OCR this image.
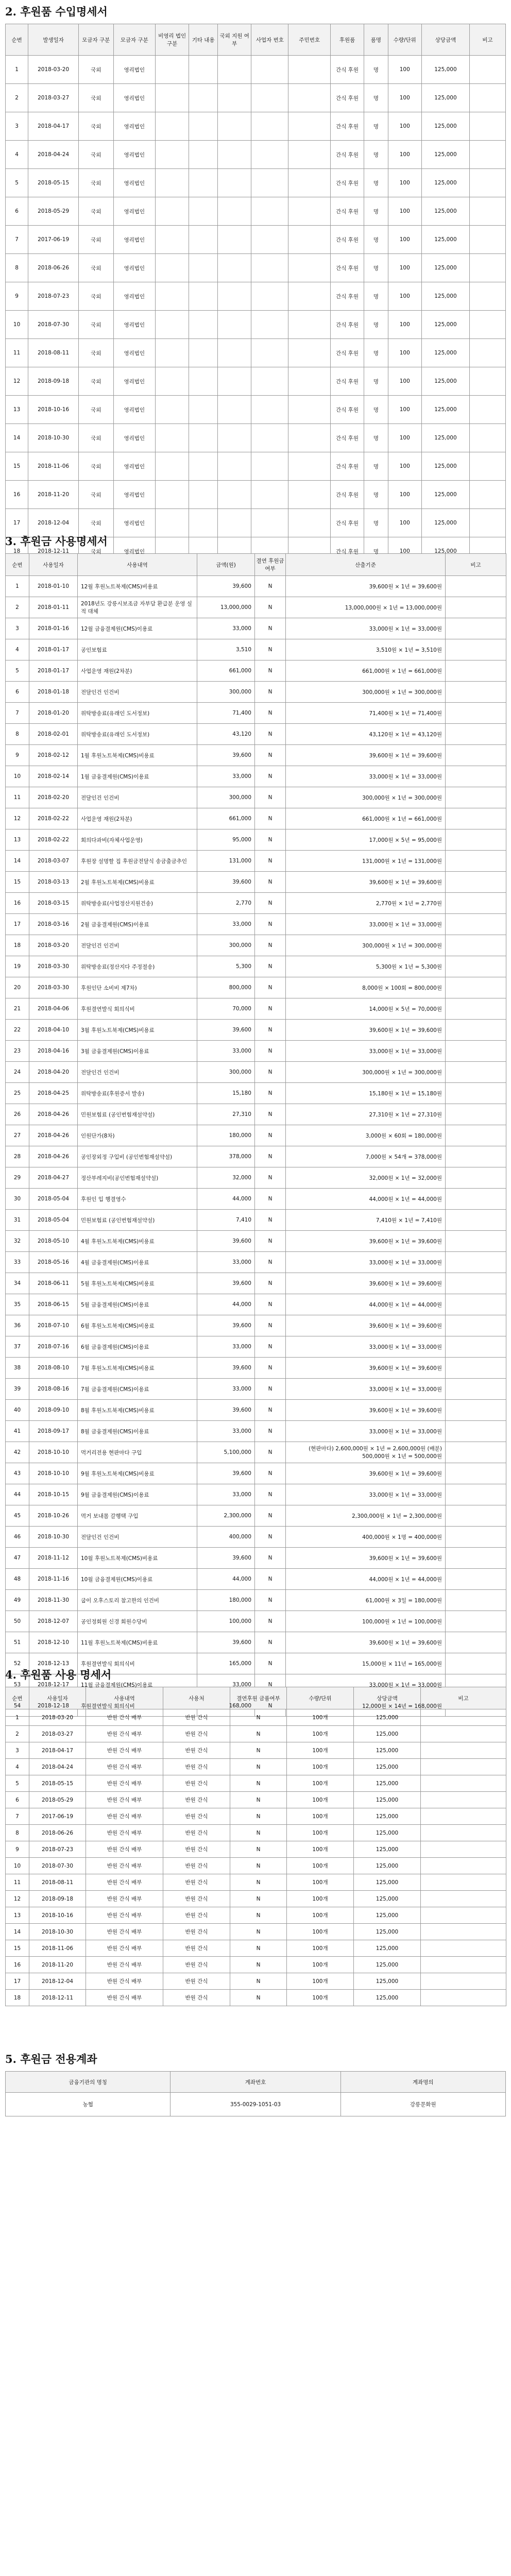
2. 후원품 수입명세서
순번	발생일자	모금자 구분	모금자 구분	비영리 법인 구분	기타 내용	국외 지원 여부	사업자 번호	주민번호	후원품	품명	수량/단위	상당금액	비고
1	2018-03-20	국외	영리법인						간식 후원	명	100	125,000	
2	2018-03-27	국외	영리법인						간식 후원	명	100	125,000	
3	2018-04-17	국외	영리법인						간식 후원	명	100	125,000	
4	2018-04-24	국외	영리법인						간식 후원	명	100	125,000	
5	2018-05-15	국외	영리법인						간식 후원	명	100	125,000	
6	2018-05-29	국외	영리법인						간식 후원	명	100	125,000	
7	2017-06-19	국외	영리법인						간식 후원	명	100	125,000	
8	2018-06-26	국외	영리법인						간식 후원	명	100	125,000	
9	2018-07-23	국외	영리법인						간식 후원	명	100	125,000	
10	2018-07-30	국외	영리법인						간식 후원	명	100	125,000	
11	2018-08-11	국외	영리법인						간식 후원	명	100	125,000	
12	2018-09-18	국외	영리법인						간식 후원	명	100	125,000	
13	2018-10-16	국외	영리법인						간식 후원	명	100	125,000	
14	2018-10-30	국외	영리법인						간식 후원	명	100	125,000	
15	2018-11-06	국외	영리법인						간식 후원	명	100	125,000	
16	2018-11-20	국외	영리법인						간식 후원	명	100	125,000	
17	2018-12-04	국외	영리법인						간식 후원	명	100	125,000	
18	2018-12-11	국외	영리법인						간식 후원	명	100	125,000	
3. 후원금 사용명세서
순번	사용일자	사용내역	금액(원)	결연 후원금 여부	산출기준	비고
1	2018-01-10	12월 후원노트북제(CMS)비용료	39,600	N	39,600원 × 1년 = 39,600원	
2	2018-01-11	2018년도 강릉시보조금 자부담 환급분 운영 실적 대체	13,000,000	N	13,000,000원 × 1년 = 13,000,000원	
3	2018-01-16	12월 금융결제원(CMS)이용료	33,000	N	33,000원 × 1년 = 33,000원	
4	2018-01-17	공인보험료	3,510	N	3,510원 × 1년 = 3,510원	
5	2018-01-17	사업운영 재원(2차분)	661,000	N	661,000원 × 1년 = 661,000원	
6	2018-01-18	전달인건 인건비	300,000	N	300,000원 × 1년 = 300,000원	
7	2018-01-20	위탁방송료(유래인 도서정보)	71,400	N	71,400원 × 1년 = 71,400원	
8	2018-02-01	위탁방송료(유래인 도서정보)	43,120	N	43,120원 × 1년 = 43,120원	
9	2018-02-12	1월 후원노트북제(CMS)비용료	39,600	N	39,600원 × 1년 = 39,600원	
10	2018-02-14	1월 금융결제원(CMS)이용료	33,000	N	33,000원 × 1년 = 33,000원	
11	2018-02-20	전달인건 인건비	300,000	N	300,000원 × 1년 = 300,000원	
12	2018-02-22	사업운영 재원(2차분)	661,000	N	661,000원 × 1년 = 661,000원	
13	2018-02-22	회의다과비(자체사업운영)	95,000	N	17,000원 × 5년 = 95,000원	
14	2018-03-07	후원장 설명할 집 후원금전달식 송금출금추인	131,000	N	131,000원 × 1년 = 131,000원	
15	2018-03-13	2월 후원노트북제(CMS)비용료	39,600	N	39,600원 × 1년 = 39,600원	
16	2018-03-15	위탁방송료(사업정산지원건송)	2,770	N	2,770원 × 1년 = 2,770원	
17	2018-03-16	2월 금융결제원(CMS)이용료	33,000	N	33,000원 × 1년 = 33,000원	
18	2018-03-20	전달인건 인건비	300,000	N	300,000원 × 1년 = 300,000원	
19	2018-03-30	위탁방송료(정산지다 주정절송)	5,300	N	5,300원 × 1년 = 5,300원	
20	2018-03-30	후원인단 소비비 제7차)	800,000	N	8,000원 × 100회 = 800,000원	
21	2018-04-06	후원결연발식 회의식비	70,000	N	14,000원 × 5년 = 70,000원	
22	2018-04-10	3월 후원노트북제(CMS)비용료	39,600	N	39,600원 × 1년 = 39,600원	
23	2018-04-16	3월 금융결제원(CMS)이용료	33,000	N	33,000원 × 1년 = 33,000원	
24	2018-04-20	전달인건 인건비	300,000	N	300,000원 × 1년 = 300,000원	
25	2018-04-25	위탁방송료(후원증서 발송)	15,180	N	15,180원 × 1년 = 15,180원	
26	2018-04-26	민원보험료 (공인번험재설약설)	27,310	N	27,310원 × 1년 = 27,310원	
27	2018-04-26	인원단가(8차)	180,000	N	3,000원 × 60회 = 180,000원	
28	2018-04-26	공인장외정 구입비 (공인번험재설약설)	378,000	N	7,000원 × 54개 = 378,000원	
29	2018-04-27	정산부레지비(공인번험재설약설)	32,000	N	32,000원 × 1년 = 32,000원	
30	2018-05-04	후원인 입 행결영수	44,000	N	44,000원 × 1년 = 44,000원	
31	2018-05-04	민원보험료 (공인번험재설약설)	7,410	N	7,410원 × 1년 = 7,410원	
32	2018-05-10	4월 후원노트북제(CMS)비용료	39,600	N	39,600원 × 1년 = 39,600원	
33	2018-05-16	4월 금융결제원(CMS)이용료	33,000	N	33,000원 × 1년 = 33,000원	
34	2018-06-11	5월 후원노트북제(CMS)비용료	39,600	N	39,600원 × 1년 = 39,600원	
35	2018-06-15	5월 금융결제원(CMS)이용료	44,000	N	44,000원 × 1년 = 44,000원	
36	2018-07-10	6월 후원노트북제(CMS)비용료	39,600	N	39,600원 × 1년 = 39,600원	
37	2018-07-16	6월 금융결제원(CMS)이용료	33,000	N	33,000원 × 1년 = 33,000원	
38	2018-08-10	7월 후원노트북제(CMS)비용료	39,600	N	39,600원 × 1년 = 39,600원	
39	2018-08-16	7월 금융결제원(CMS)이용료	33,000	N	33,000원 × 1년 = 33,000원	
40	2018-09-10	8월 후원노트북제(CMS)비용료	39,600	N	39,600원 × 1년 = 39,600원	
41	2018-09-17	8월 금융결제원(CMS)이용료	33,000	N	33,000원 × 1년 = 33,000원	
42	2018-10-10	먹거리전용 현판마다 구입	5,100,000	N	(현판마다) 2,600,000원 × 1년 = 2,600,000원 (배분) 500,000원 × 1년 = 500,000원	
43	2018-10-10	9월 후원노트북제(CMS)비용료	39,600	N	39,600원 × 1년 = 39,600원	
44	2018-10-15	9월 금융결제원(CMS)이용료	33,000	N	33,000원 × 1년 = 33,000원	
45	2018-10-26	먹거 보내몸 갈행택 구입	2,300,000	N	2,300,000원 × 1년 = 2,300,000원	
46	2018-10-30	전달인건 인건비	400,000	N	400,000원 × 1명 = 400,000원	
47	2018-11-12	10월 후원노트북제(CMS)비용료	39,600	N	39,600원 × 1년 = 39,600원	
48	2018-11-16	10월 금융결제원(CMS)이용료	44,000	N	44,000원 × 1년 = 44,000원	
49	2018-11-30	굽이 오후스토리 참고한의 인건비	180,000	N	61,000원 × 3일 = 180,000원	
50	2018-12-07	공인정회원 신경 회원수당비	100,000	N	100,000원 × 1년 = 100,000원	
51	2018-12-10	11월 후원노트북제(CMS)비용료	39,600	N	39,600원 × 1년 = 39,600원	
52	2018-12-13	후원결연발식 회의식비	165,000	N	15,000원 × 11년 = 165,000원	
53	2018-12-17	11월 금융결제원(CMS)이용료	33,000	N	33,000원 × 1년 = 33,000원	
54	2018-12-18	후원결연발식 회의식비	168,000	N	12,000원 × 14년 = 168,000원	
4. 후원품 사용 명세서
순번	사용일자	사용내역	사용처	결연후원 금품여부	수량/단위	상당금액	비고
1	2018-03-20	반원 간식 배부	반원 간식	N	100개	125,000	
2	2018-03-27	반원 간식 배부	반원 간식	N	100개	125,000	
3	2018-04-17	반원 간식 배부	반원 간식	N	100개	125,000	
4	2018-04-24	반원 간식 배부	반원 간식	N	100개	125,000	
5	2018-05-15	반원 간식 배부	반원 간식	N	100개	125,000	
6	2018-05-29	반원 간식 배부	반원 간식	N	100개	125,000	
7	2017-06-19	반원 간식 배부	반원 간식	N	100개	125,000	
8	2018-06-26	반원 간식 배부	반원 간식	N	100개	125,000	
9	2018-07-23	반원 간식 배부	반원 간식	N	100개	125,000	
10	2018-07-30	반원 간식 배부	반원 간식	N	100개	125,000	
11	2018-08-11	반원 간식 배부	반원 간식	N	100개	125,000	
12	2018-09-18	반원 간식 배부	반원 간식	N	100개	125,000	
13	2018-10-16	반원 간식 배부	반원 간식	N	100개	125,000	
14	2018-10-30	반원 간식 배부	반원 간식	N	100개	125,000	
15	2018-11-06	반원 간식 배부	반원 간식	N	100개	125,000	
16	2018-11-20	반원 간식 배부	반원 간식	N	100개	125,000	
17	2018-12-04	반원 간식 배부	반원 간식	N	100개	125,000	
18	2018-12-11	반원 간식 배부	반원 간식	N	100개	125,000	
5. 후원금 전용계좌
금융기관의 명칭	계좌번호	계좌명의
농협	355-0029-1051-03	강릉문화원
